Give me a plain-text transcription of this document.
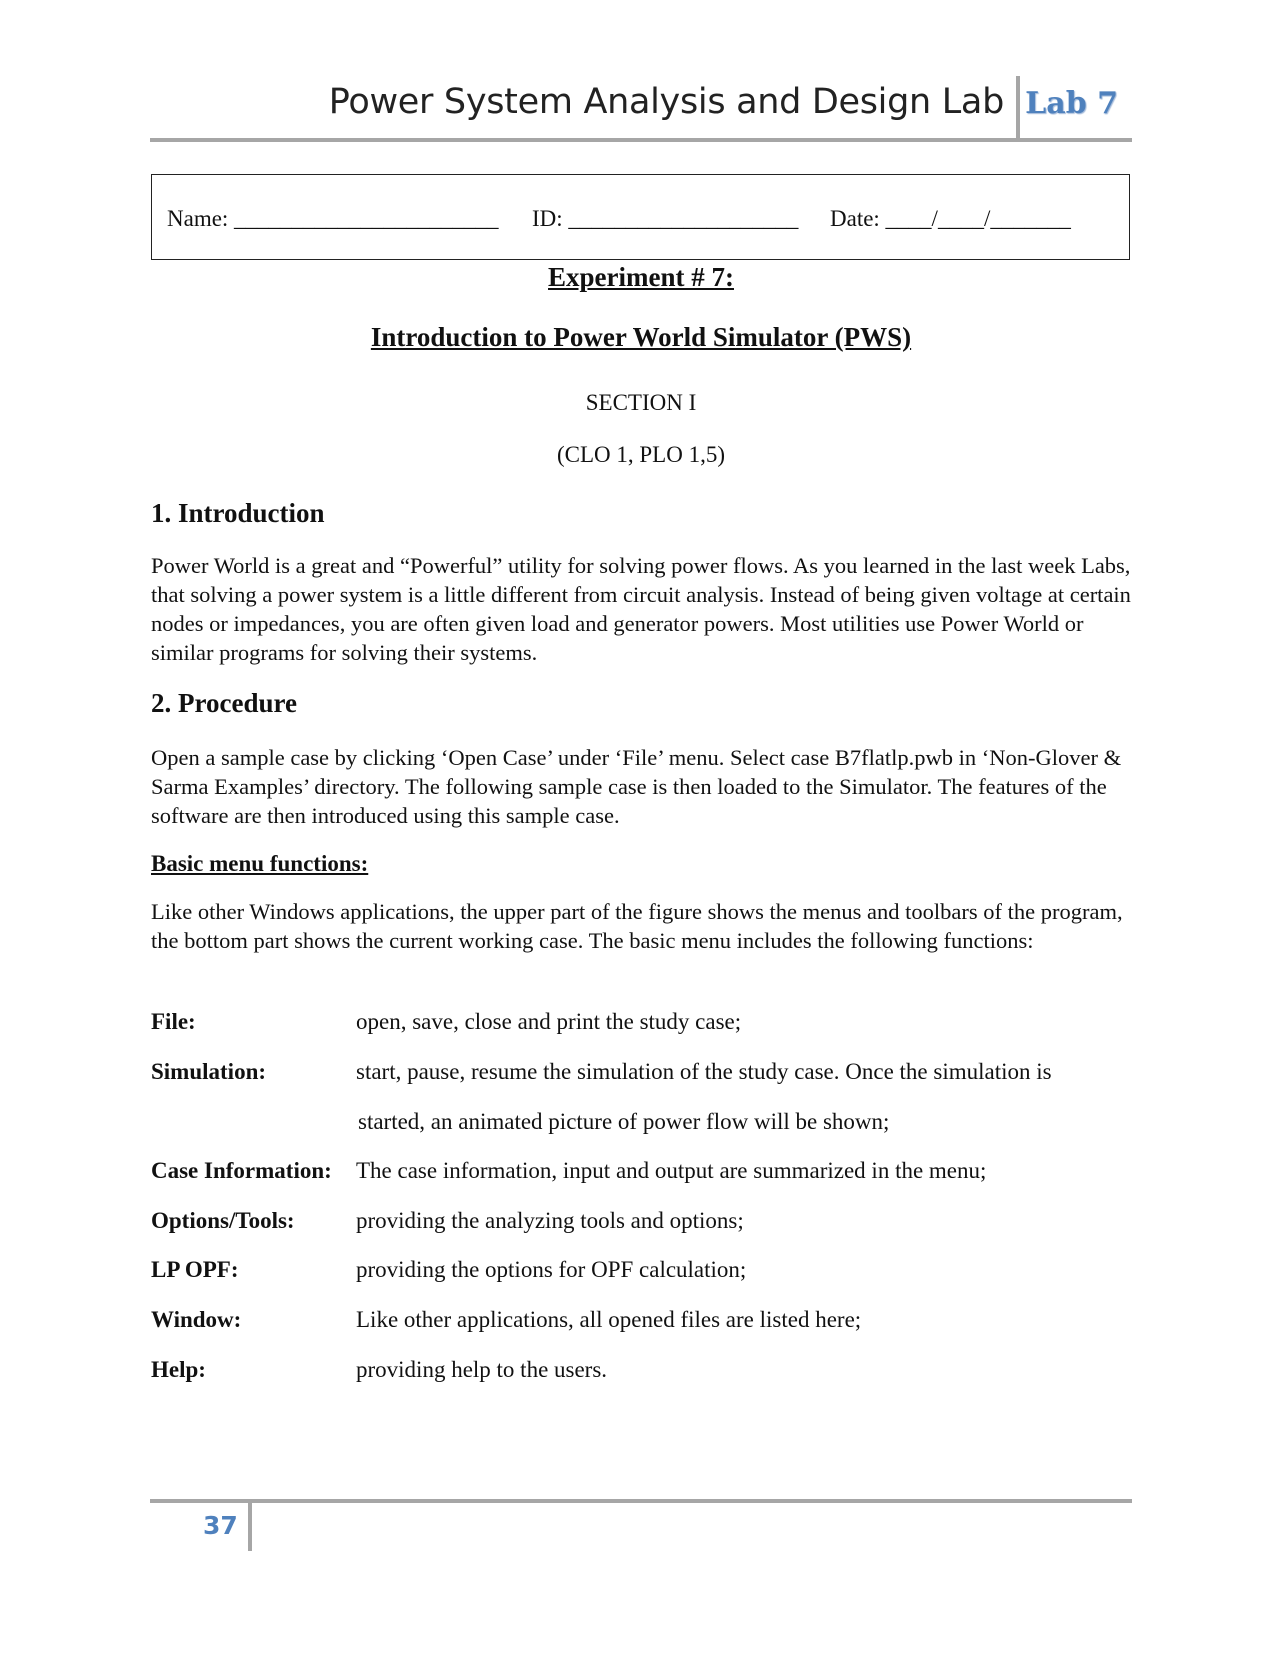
Power System Analysis and Design Lab Lab 7
Name: _______________________ ID: ____________________ Date: ____/____/_______
Experiment # 7:
Introduction to Power World Simulator (PWS)
SECTION I
(CLO 1, PLO 1,5)
1. Introduction

Power World is a great and “Powerful” utility for solving power flows. As you learned in the last week Labs, that solving a power system is a little different from circuit analysis. Instead of being given voltage at certain nodes or impedances, you are often given load and generator powers. Most utilities use Power World or similar programs for solving their systems.

2. Procedure

Open a sample case by clicking ‘Open Case’ under ‘File’ menu. Select case B7flatlp.pwb in ‘Non-Glover & Sarma Examples’ directory. The following sample case is then loaded to the Simulator. The features of the software are then introduced using this sample case.

Basic menu functions:

Like other Windows applications, the upper part of the figure shows the menus and toolbars of the program, the bottom part shows the current working case. The basic menu includes the following functions:

File:	open, save, close and print the study case;
Simulation:	start, pause, resume the simulation of the study case. Once the simulation is
started, an animated picture of power flow will be shown;
Case Information: The case information, input and output are summarized in the menu;
Options/Tools:	providing the analyzing tools and options;
LP OPF:	providing the options for OPF calculation;
Window:	Like other applications, all opened files are listed here;
Help:	providing help to the users.
37
